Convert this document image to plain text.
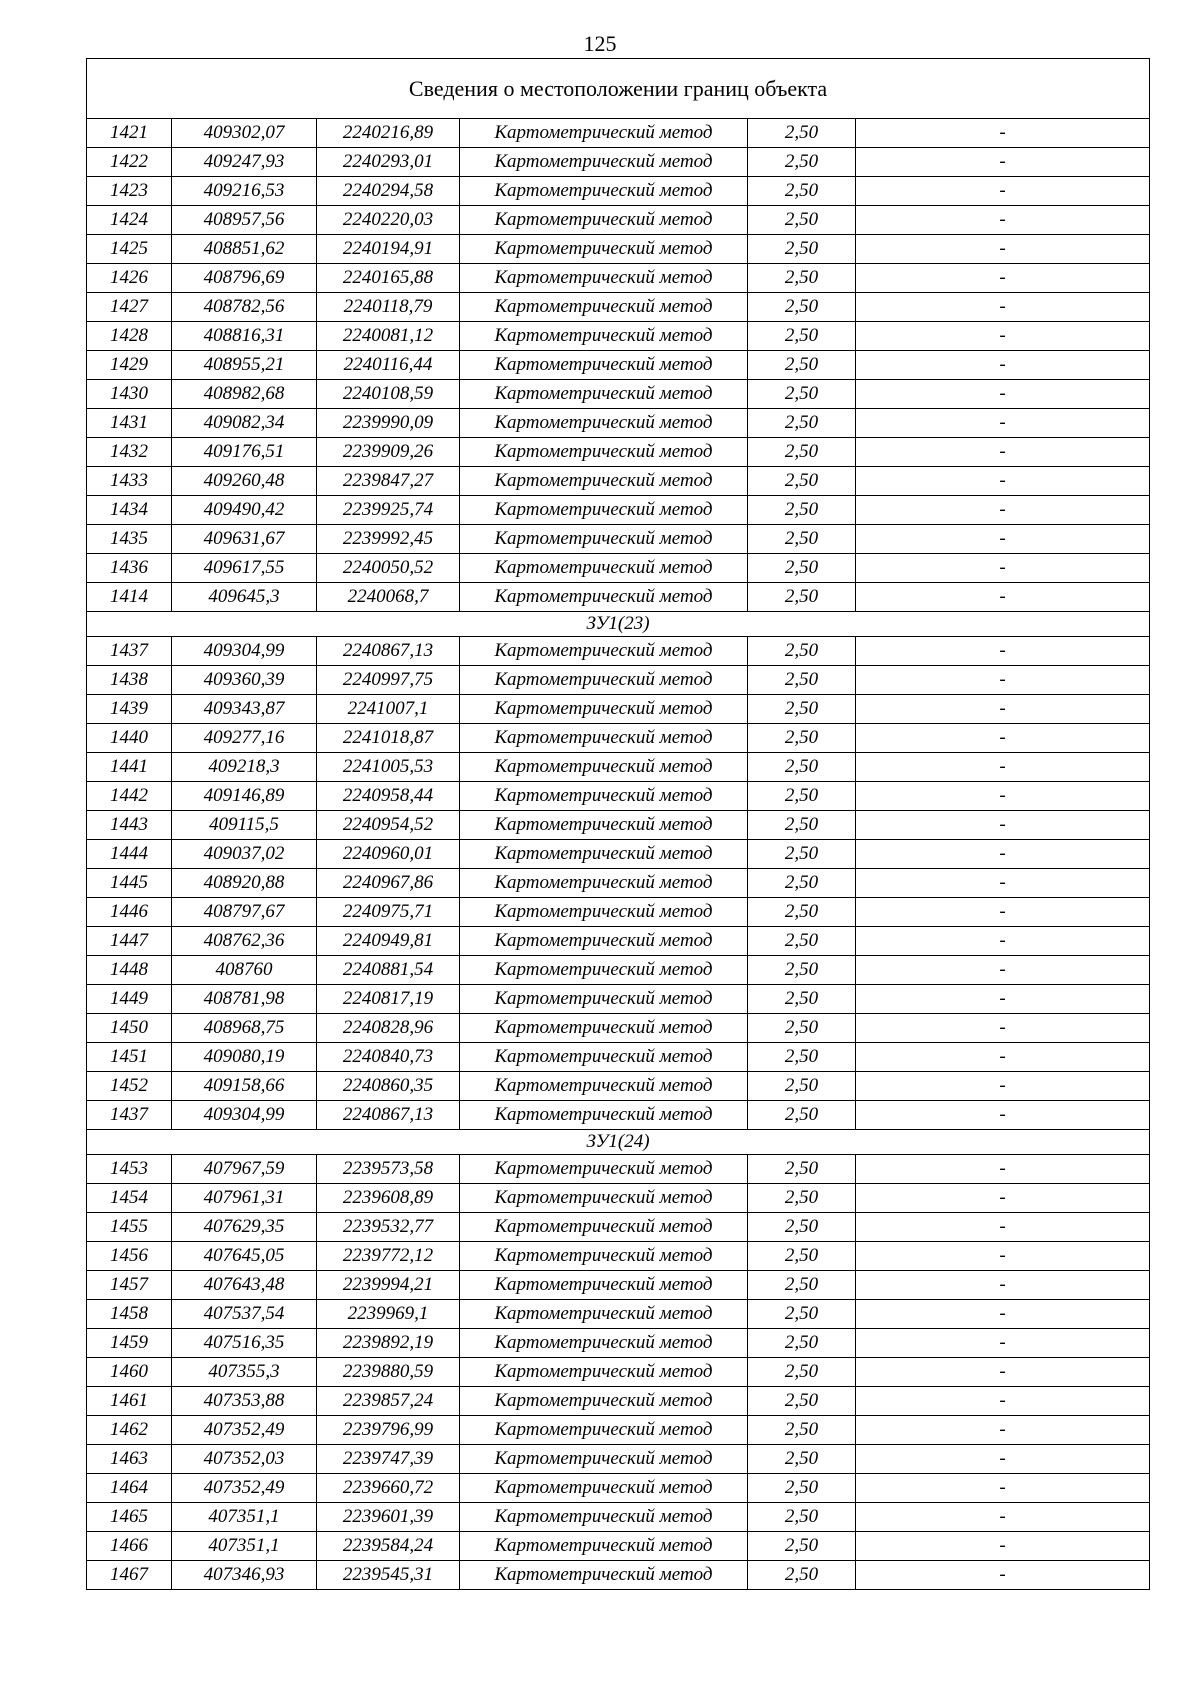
125
Сведения о местоположении границ объекта					
1421	409302,07	2240216,89	Картометрический метод	2,50	-
1422	409247,93	2240293,01	Картометрический метод	2,50	-
1423	409216,53	2240294,58	Картометрический метод	2,50	-
1424	408957,56	2240220,03	Картометрический метод	2,50	-
1425	408851,62	2240194,91	Картометрический метод	2,50	-
1426	408796,69	2240165,88	Картометрический метод	2,50	-
1427	408782,56	2240118,79	Картометрический метод	2,50	-
1428	408816,31	2240081,12	Картометрический метод	2,50	-
1429	408955,21	2240116,44	Картометрический метод	2,50	-
1430	408982,68	2240108,59	Картометрический метод	2,50	-
1431	409082,34	2239990,09	Картометрический метод	2,50	-
1432	409176,51	2239909,26	Картометрический метод	2,50	-
1433	409260,48	2239847,27	Картометрический метод	2,50	-
1434	409490,42	2239925,74	Картометрический метод	2,50	-
1435	409631,67	2239992,45	Картометрический метод	2,50	-
1436	409617,55	2240050,52	Картометрический метод	2,50	-
1414	409645,3	2240068,7	Картометрический метод	2,50	-
ЗУ1(23)					
1437	409304,99	2240867,13	Картометрический метод	2,50	-
1438	409360,39	2240997,75	Картометрический метод	2,50	-
1439	409343,87	2241007,1	Картометрический метод	2,50	-
1440	409277,16	2241018,87	Картометрический метод	2,50	-
1441	409218,3	2241005,53	Картометрический метод	2,50	-
1442	409146,89	2240958,44	Картометрический метод	2,50	-
1443	409115,5	2240954,52	Картометрический метод	2,50	-
1444	409037,02	2240960,01	Картометрический метод	2,50	-
1445	408920,88	2240967,86	Картометрический метод	2,50	-
1446	408797,67	2240975,71	Картометрический метод	2,50	-
1447	408762,36	2240949,81	Картометрический метод	2,50	-
1448	408760	2240881,54	Картометрический метод	2,50	-
1449	408781,98	2240817,19	Картометрический метод	2,50	-
1450	408968,75	2240828,96	Картометрический метод	2,50	-
1451	409080,19	2240840,73	Картометрический метод	2,50	-
1452	409158,66	2240860,35	Картометрический метод	2,50	-
1437	409304,99	2240867,13	Картометрический метод	2,50	-
ЗУ1(24)					
1453	407967,59	2239573,58	Картометрический метод	2,50	-
1454	407961,31	2239608,89	Картометрический метод	2,50	-
1455	407629,35	2239532,77	Картометрический метод	2,50	-
1456	407645,05	2239772,12	Картометрический метод	2,50	-
1457	407643,48	2239994,21	Картометрический метод	2,50	-
1458	407537,54	2239969,1	Картометрический метод	2,50	-
1459	407516,35	2239892,19	Картометрический метод	2,50	-
1460	407355,3	2239880,59	Картометрический метод	2,50	-
1461	407353,88	2239857,24	Картометрический метод	2,50	-
1462	407352,49	2239796,99	Картометрический метод	2,50	-
1463	407352,03	2239747,39	Картометрический метод	2,50	-
1464	407352,49	2239660,72	Картометрический метод	2,50	-
1465	407351,1	2239601,39	Картометрический метод	2,50	-
1466	407351,1	2239584,24	Картометрический метод	2,50	-
1467	407346,93	2239545,31	Картометрический метод	2,50	-
